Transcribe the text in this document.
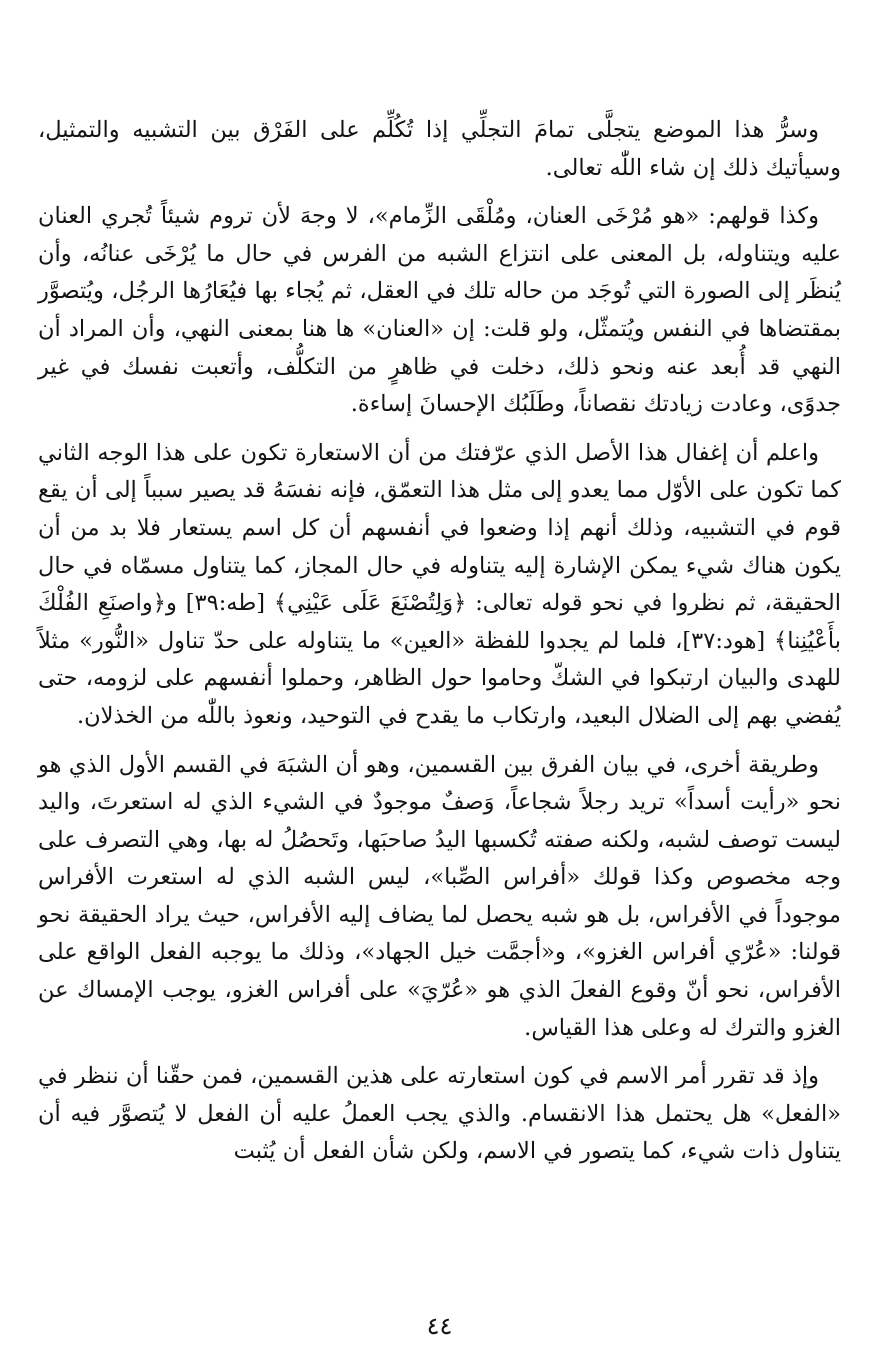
وسرُّ هذا الموضع يتجلَّى تمامَ التجلِّي إذا تُكُلِّم على الفَرْق بين التشبيه والتمثيل، وسيأتيك ذلك إن شاء اللّٰه تعالى.

وكذا قولهم: «هو مُرْخَى العنان، ومُلْقَى الزِّمام»، لا وجهَ لأن تروم شيئاً تُجري العنان عليه ويتناوله، بل المعنى على انتزاع الشبه من الفرس في حال ما يُرْخَى عنانُه، وأن يُنظَر إلى الصورة التي تُوجَد من حاله تلك في العقل، ثم يُجاء بها فيُعَارُها الرجُل، ويُتصوَّر بمقتضاها في النفس ويُتمثّل، ولو قلت: إن «العنان» ها هنا بمعنى النهي، وأن المراد أن النهي قد أُبعد عنه ونحو ذلك، دخلت في ظاهرٍ من التكلُّف، وأتعبت نفسك في غير جدوًى، وعادت زيادتك نقصاناً، وطَلَبُك الإحسانَ إساءة.

واعلم أن إغفال هذا الأصل الذي عرّفتك من أن الاستعارة تكون على هذا الوجه الثاني كما تكون على الأوّل مما يعدو إلى مثل هذا التعمّق، فإنه نفسَهُ قد يصير سبباً إلى أن يقع قوم في التشبيه، وذلك أنهم إذا وضعوا في أنفسهم أن كل اسم يستعار فلا بد من أن يكون هناك شيء يمكن الإشارة إليه يتناوله في حال المجاز، كما يتناول مسمّاه في حال الحقيقة، ثم نظروا في نحو قوله تعالى: ﴿وَلِتُصْنَعَ عَلَى عَيْنِي﴾ [طه:٣٩] و﴿واصنَعِ الفُلْكَ بأَعْيُنِنا﴾ [هود:٣٧]، فلما لم يجدوا للفظة «العين» ما يتناوله على حدّ تناول «النُّور» مثلاً للهدى والبيان ارتبكوا في الشكّ وحاموا حول الظاهر، وحملوا أنفسهم على لزومه، حتى يُفضي بهم إلى الضلال البعيد، وارتكاب ما يقدح في التوحيد، ونعوذ باللّٰه من الخذلان.

وطريقة أخرى، في بيان الفرق بين القسمين، وهو أن الشبَهَ في القسم الأول الذي هو نحو «رأيت أسداً» تريد رجلاً شجاعاً، وَصفٌ موجودٌ في الشيء الذي له استعرتَ، واليد ليست توصف لشبه، ولكنه صفته تُكسبها اليدُ صاحبَها، وتَحصُلُ له بها، وهي التصرف على وجه مخصوص وكذا قولك «أفراس الصِّبا»، ليس الشبه الذي له استعرت الأفراس موجوداً في الأفراس، بل هو شبه يحصل لما يضاف إليه الأفراس، حيث يراد الحقيقة نحو قولنا: «عُرّي أفراس الغزو»، و«أجمَّت خيل الجهاد»، وذلك ما يوجبه الفعل الواقع على الأفراس، نحو أنّ وقوع الفعلَ الذي هو «عُرّيَ» على أفراس الغزو، يوجب الإمساك عن الغزو والترك له وعلى هذا القياس.

وإذ قد تقرر أمر الاسم في كون استعارته على هذين القسمين، فمن حقّنا أن ننظر في «الفعل» هل يحتمل هذا الانقسام. والذي يجب العملُ عليه أن الفعل لا يُتصوَّر فيه أن يتناول ذات شيء، كما يتصور في الاسم، ولكن شأن الفعل أن يُثبت

٤٤
